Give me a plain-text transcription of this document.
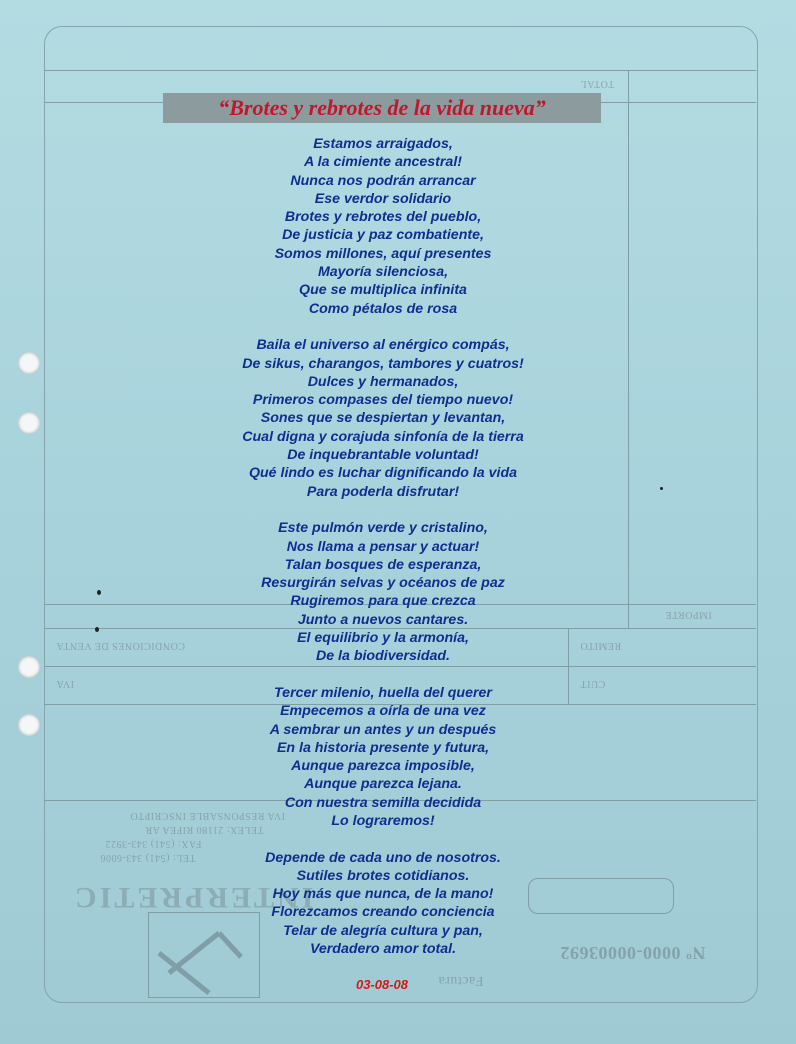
TOTAL
IMPORTE
CONDICIONES DE VENTA	REMITO
IVA	CUIT
IVA RESPONSABLE INSCRIPTO
TELEX: 21180 RIFEA AR
FAX: (541) 343-3922
TEL: (541) 343-6006
INTERPRETIC
Factura
Nº 0000-00003692
“Brotes y rebrotes de la vida nueva”
Estamos arraigados,
A la cimiente ancestral!
Nunca nos podrán arrancar
Ese verdor solidario
Brotes y rebrotes del pueblo,
De justicia y paz combatiente,
Somos millones, aquí presentes
Mayoría silenciosa,
Que se multiplica infinita
Como pétalos de rosa
Baila el universo al enérgico compás,
De sikus, charangos, tambores y cuatros!
Dulces y hermanados,
Primeros compases del tiempo nuevo!
Sones que se despiertan y levantan,
Cual digna y corajuda sinfonía de la tierra
De inquebrantable voluntad!
Qué lindo es luchar dignificando la vida
Para poderla disfrutar!
Este pulmón verde y cristalino,
Nos llama a pensar y actuar!
Talan bosques de esperanza,
Resurgirán selvas y océanos de paz
Rugiremos para que crezca
Junto a nuevos cantares.
El equilibrio y la armonía,
De la biodiversidad.
Tercer milenio, huella del querer
Empecemos a oírla de una vez
A sembrar un antes y un después
En la historia presente y futura,
Aunque parezca imposible,
Aunque parezca lejana.
Con nuestra semilla decidida
Lo lograremos!
Depende de cada uno de nosotros.
Sutiles brotes cotidianos.
Hoy más que nunca, de la mano!
Florezcamos creando conciencia
Telar de alegría cultura y pan,
Verdadero amor total.
03-08-08
